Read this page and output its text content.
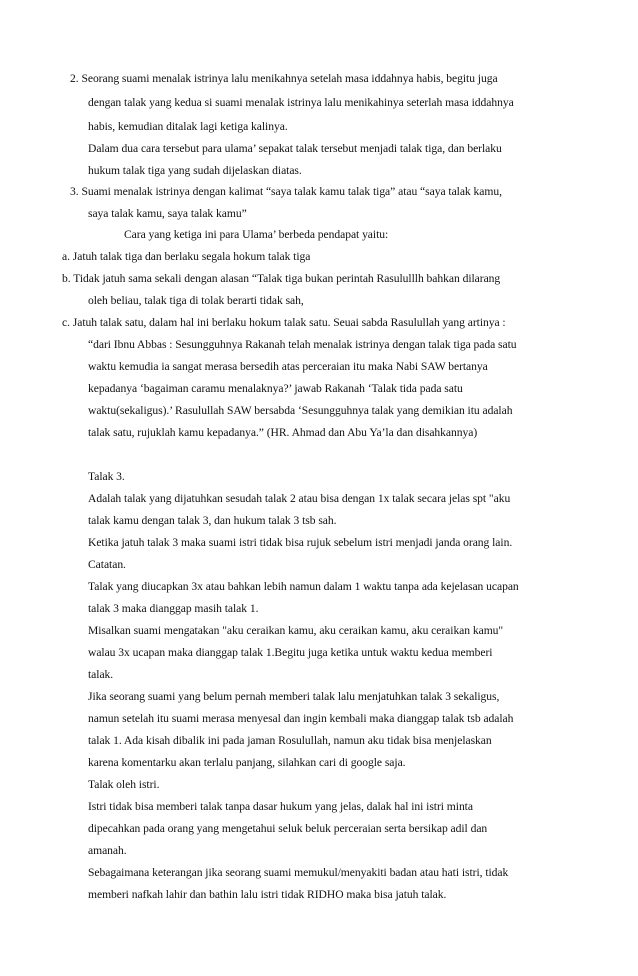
2. Seorang suami menalak istrinya lalu menikahnya setelah masa iddahnya habis, begitu juga
dengan talak yang kedua si suami menalak istrinya lalu menikahinya seterlah masa iddahnya
habis, kemudian ditalak lagi ketiga kalinya.
Dalam dua cara tersebut para ulama’ sepakat talak tersebut menjadi talak tiga, dan berlaku
hukum talak tiga yang sudah dijelaskan diatas.
3. Suami menalak istrinya dengan kalimat “saya talak kamu talak tiga” atau “saya talak kamu,
saya talak kamu, saya talak kamu”
Cara yang ketiga ini para Ulama’ berbeda pendapat yaitu:
a. Jatuh talak tiga dan berlaku segala hokum talak tiga
b. Tidak jatuh sama sekali dengan alasan “Talak tiga bukan perintah Rasululllh bahkan dilarang
oleh beliau, talak tiga di tolak berarti tidak sah,
c. Jatuh talak satu, dalam hal ini berlaku hokum talak satu. Seuai sabda Rasulullah yang artinya :
“dari Ibnu Abbas : Sesungguhnya Rakanah telah menalak istrinya dengan talak tiga pada satu
waktu kemudia ia sangat merasa bersedih atas perceraian itu maka Nabi SAW bertanya
kepadanya ‘bagaiman caramu menalaknya?’ jawab Rakanah ‘Talak tida pada satu
waktu(sekaligus).’ Rasulullah SAW bersabda ‘Sesungguhnya talak yang demikian itu adalah
talak satu, rujuklah kamu kepadanya.” (HR. Ahmad dan Abu Ya’la dan disahkannya)
Talak 3.
Adalah talak yang dijatuhkan sesudah talak 2 atau bisa dengan 1x talak secara jelas spt "aku
talak kamu dengan talak 3, dan hukum talak 3 tsb sah.
Ketika jatuh talak 3 maka suami istri tidak bisa rujuk sebelum istri menjadi janda orang lain.
Catatan.
Talak yang diucapkan 3x atau bahkan lebih namun dalam 1 waktu tanpa ada kejelasan ucapan
talak 3 maka dianggap masih talak 1.
Misalkan suami mengatakan "aku ceraikan kamu, aku ceraikan kamu, aku ceraikan kamu"
walau 3x ucapan maka dianggap talak 1.Begitu juga ketika untuk waktu kedua memberi
talak.
Jika seorang suami yang belum pernah memberi talak lalu menjatuhkan talak 3 sekaligus,
namun setelah itu suami merasa menyesal dan ingin kembali maka dianggap talak tsb adalah
talak 1. Ada kisah dibalik ini pada jaman Rosulullah, namun aku tidak bisa menjelaskan
karena komentarku akan terlalu panjang, silahkan cari di google saja.
Talak oleh istri.
Istri tidak bisa memberi talak tanpa dasar hukum yang jelas, dalak hal ini istri minta
dipecahkan pada orang yang mengetahui seluk beluk perceraian serta bersikap adil dan
amanah.
Sebagaimana keterangan jika seorang suami memukul/menyakiti badan atau hati istri, tidak
memberi nafkah lahir dan bathin lalu istri tidak RIDHO maka bisa jatuh talak.
